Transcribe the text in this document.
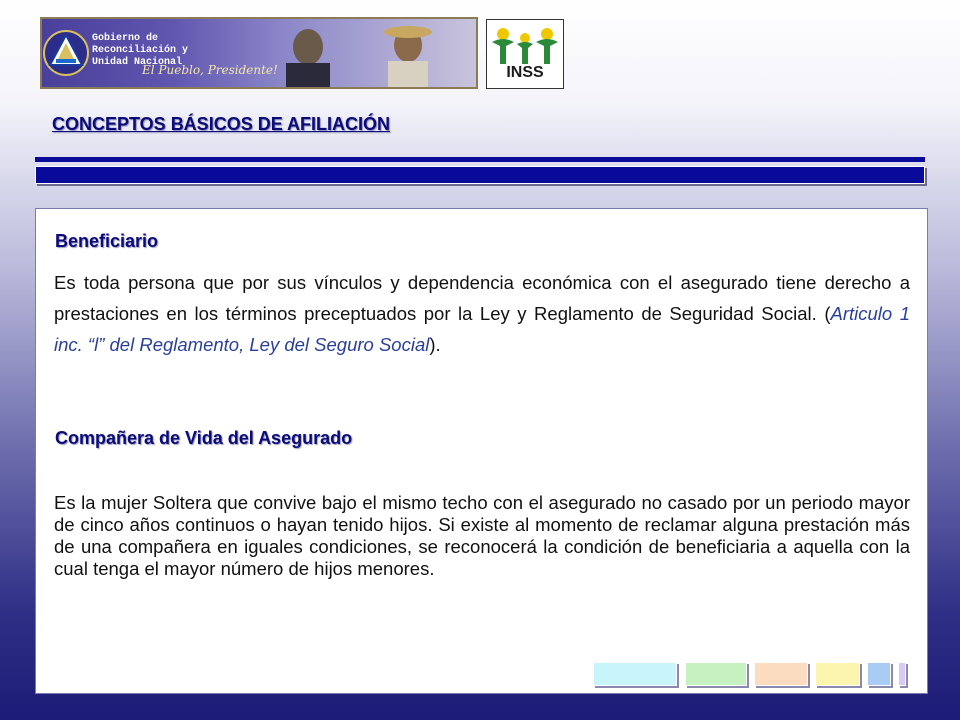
Gobierno de Reconciliación y Unidad Nacional
El Pueblo, Presidente!	INSS
CONCEPTOS BÁSICOS DE AFILIACIÓN
Beneficiario

Es toda persona que por sus vínculos y dependencia económica con el asegurado tiene derecho a prestaciones en los términos preceptuados por la Ley y Reglamento de Seguridad Social. (Articulo 1 inc. “l” del Reglamento, Ley del Seguro Social).

Compañera de Vida del Asegurado

Es la mujer Soltera que convive bajo el mismo techo con el asegurado no casado por un periodo mayor de cinco años continuos o hayan tenido hijos. Si existe al momento de reclamar alguna prestación más de una compañera en iguales condiciones, se reconocerá la condición de beneficiaria a aquella con la cual tenga el mayor número de hijos menores.
